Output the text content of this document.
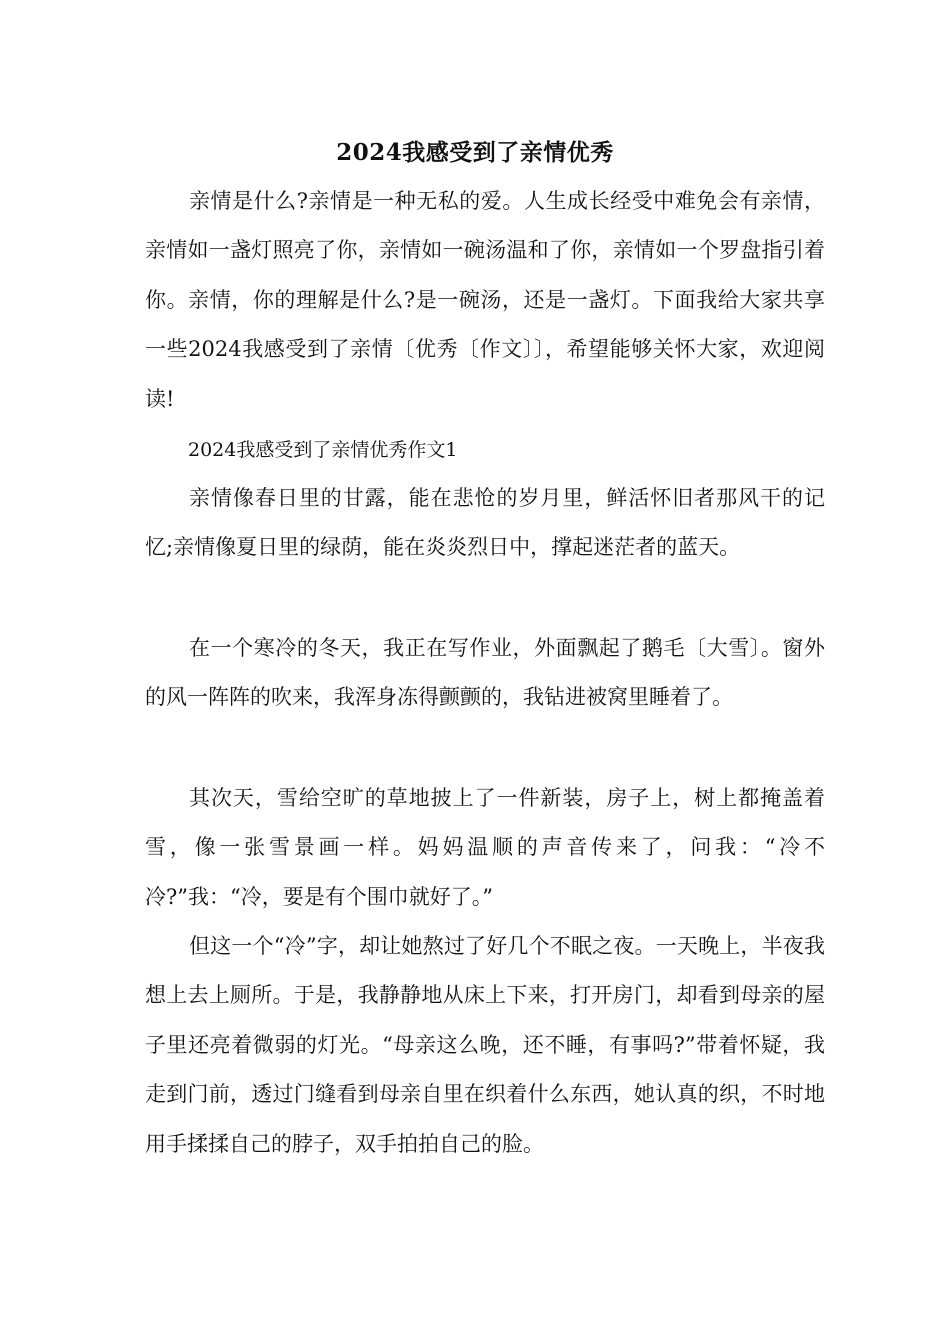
2024我感受到了亲情优秀

亲情是什么?亲情是一种无私的爱。人生成长经受中难免会有亲情，亲情如一盏灯照亮了你，亲情如一碗汤温和了你，亲情如一个罗盘指引着你。亲情，你的理解是什么?是一碗汤，还是一盏灯。下面我给大家共享一些2024我感受到了亲情〔优秀〔作文〕〕，希望能够关怀大家，欢迎阅读!

2024我感受到了亲情优秀作文1

亲情像春日里的甘露，能在悲怆的岁月里，鲜活怀旧者那风干的记忆;亲情像夏日里的绿荫，能在炎炎烈日中，撑起迷茫者的蓝天。

在一个寒冷的冬天，我正在写作业，外面飘起了鹅毛〔大雪〕。窗外的风一阵阵的吹来，我浑身冻得颤颤的，我钻进被窝里睡着了。

其次天，雪给空旷的草地披上了一件新装，房子上，树上都掩盖着雪，像一张雪景画一样。妈妈温顺的声音传来了，问我：“冷不冷?”我：“冷，要是有个围巾就好了。”

但这一个“冷”字，却让她熬过了好几个不眠之夜。一天晚上，半夜我想上去上厕所。于是，我静静地从床上下来，打开房门，却看到母亲的屋子里还亮着微弱的灯光。“母亲这么晚，还不睡，有事吗?”带着怀疑，我走到门前，透过门缝看到母亲自里在织着什么东西，她认真的织，不时地用手揉揉自己的脖子，双手拍拍自己的脸。
